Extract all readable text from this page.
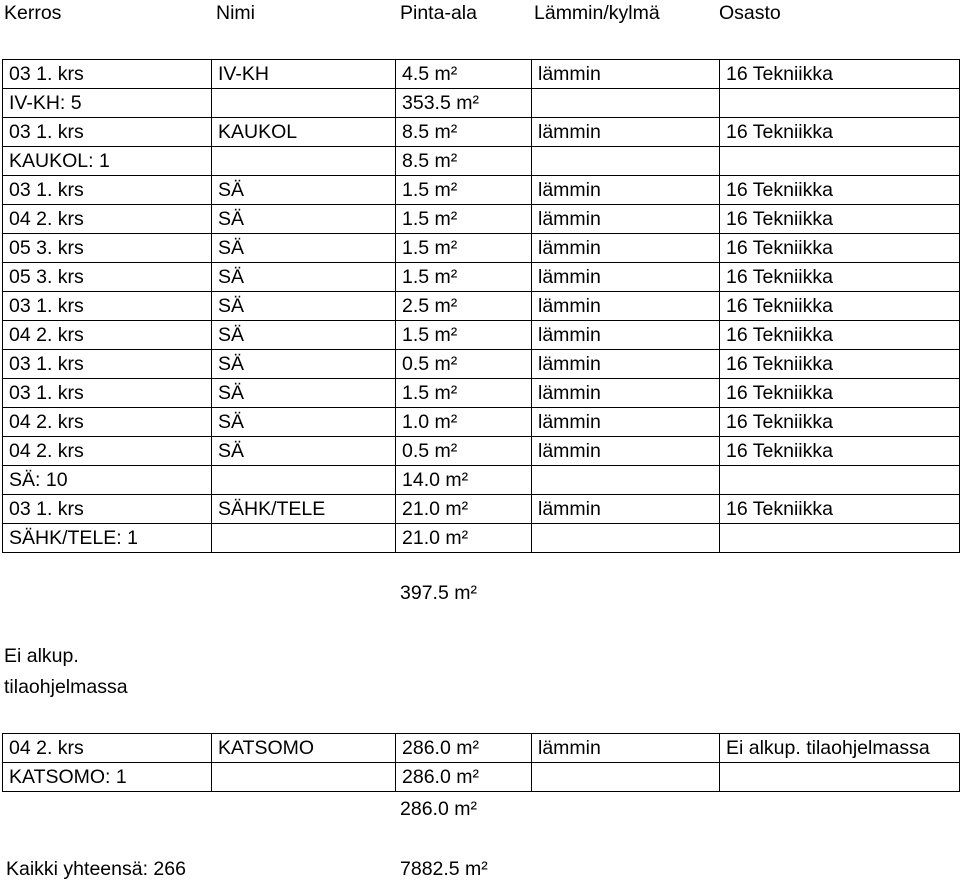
Kerros	Nimi	Pinta-ala	Lämmin/kylmä	Osasto
03 1. krs	IV-KH	4.5 m²	lämmin	16 Tekniikka
IV-KH: 5		353.5 m²		
03 1. krs	KAUKOL	8.5 m²	lämmin	16 Tekniikka
KAUKOL: 1		8.5 m²		
03 1. krs	SÄ	1.5 m²	lämmin	16 Tekniikka
04 2. krs	SÄ	1.5 m²	lämmin	16 Tekniikka
05 3. krs	SÄ	1.5 m²	lämmin	16 Tekniikka
05 3. krs	SÄ	1.5 m²	lämmin	16 Tekniikka
03 1. krs	SÄ	2.5 m²	lämmin	16 Tekniikka
04 2. krs	SÄ	1.5 m²	lämmin	16 Tekniikka
03 1. krs	SÄ	0.5 m²	lämmin	16 Tekniikka
03 1. krs	SÄ	1.5 m²	lämmin	16 Tekniikka
04 2. krs	SÄ	1.0 m²	lämmin	16 Tekniikka
04 2. krs	SÄ	0.5 m²	lämmin	16 Tekniikka
SÄ: 10		14.0 m²		
03 1. krs	SÄHK/TELE	21.0 m²	lämmin	16 Tekniikka
SÄHK/TELE: 1		21.0 m²		
397.5 m²
Ei alkup.
tilaohjelmassa
04 2. krs	KATSOMO	286.0 m²	lämmin	Ei alkup. tilaohjelmassa
KATSOMO: 1		286.0 m²		
286.0 m²
Kaikki yhteensä: 266	7882.5 m²
